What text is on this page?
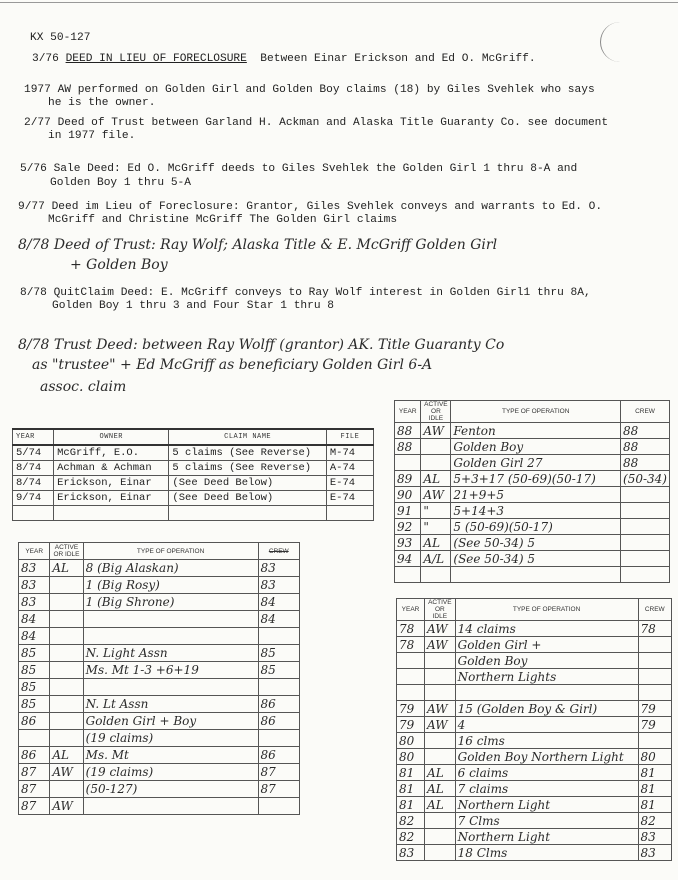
KX 50-127
3/76 DEED IN LIEU OF FORECLOSURE Between Einar Erickson and Ed O. McGriff.
1977 AW performed on Golden Girl and Golden Boy claims (18) by Giles Svehlek who says
he is the owner.
2/77 Deed of Trust between Garland H. Ackman and Alaska Title Guaranty Co. see document
in 1977 file.
5/76 Sale Deed: Ed O. McGriff deeds to Giles Svehlek the Golden Girl 1 thru 8-A and
Golden Boy 1 thru 5-A
9/77 Deed im Lieu of Foreclosure: Grantor, Giles Svehlek conveys and warrants to Ed. O.
McGriff and Christine McGriff The Golden Girl claims
8/78 Deed of Trust: Ray Wolf; Alaska Title & E. McGriff Golden Girl
+ Golden Boy
8/78 QuitClaim Deed: E. McGriff conveys to Ray Wolf interest in Golden Girl1 thru 8A,
Golden Boy 1 thru 3 and Four Star 1 thru 8
8/78 Trust Deed: between Ray Wolff (grantor) AK. Title Guaranty Co
as "trustee" + Ed McGriff as beneficiary Golden Girl 6-A
assoc. claim
YEAR	OWNER	CLAIM NAME	FILE
5/74	McGriff, E.O.	5 claims (See Reverse)	M-74
8/74	Achman & Achman	5 claims (See Reverse)	A-74
8/74	Erickson, Einar	(See Deed Below)	E-74
9/74	Erickson, Einar	(See Deed Below)	E-74

YEAR	ACTIVE OR IDLE	TYPE OF OPERATION	CREW
88	AW	Fenton	88
88		Golden Boy	88
		Golden Girl 27	88
89	AL	5+3+17 (50-69)(50-17)	(50-34)
90	AW	21+9+5	
91	"	5+14+3	
92	"	5 (50-69)(50-17)	
93	AL	(See 50-34) 5	
94	A/L	(See 50-34) 5	

YEAR	ACTIVE OR IDLE	TYPE OF OPERATION	CREW
83	AL	8 (Big Alaskan)	83
83		1 (Big Rosy)	83
83		1 (Big Shrone)	84
84			84
84			
85		N. Light Assn	85
85		Ms. Mt 1-3 +6+19	85
85			
85		N. Lt Assn	86
86		Golden Girl + Boy	86
		(19 claims)	
86	AL	Ms. Mt	86
87	AW	(19 claims)	87
87		(50-127)	87
87	AW		
YEAR	ACTIVE OR IDLE	TYPE OF OPERATION	CREW
78	AW	14 claims	78
78	AW	Golden Girl +	
		Golden Boy	
		Northern Lights	

79	AW	15 (Golden Boy & Girl)	79
79	AW	4	79
80		16 clms	
80		Golden Boy Northern Light	80
81	AL	6 claims	81
81	AL	7 claims	81
81	AL	Northern Light	81
82		7 Clms	82
82		Northern Light	83
83		18 Clms	83
